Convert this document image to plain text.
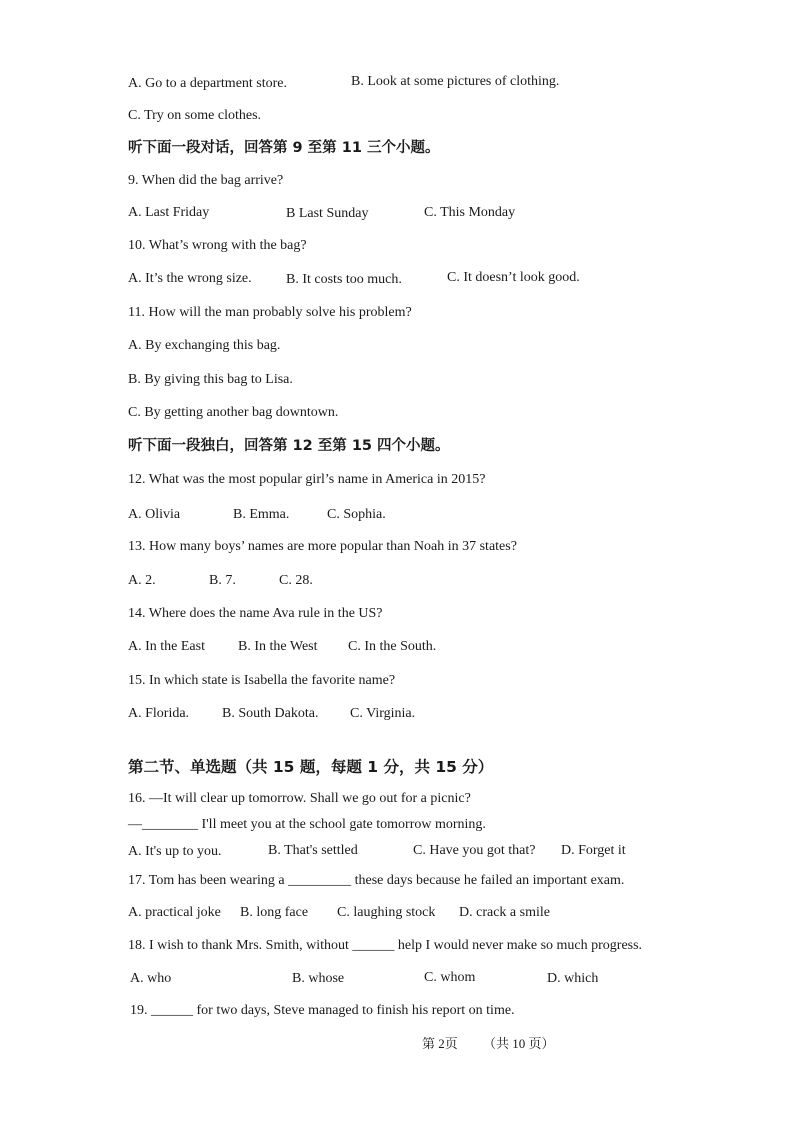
A. Go to a department store.	B. Look at some pictures of clothing.
C. Try on some clothes.
听下面一段对话，回答第 9 至第 11 三个小题。
9. When did the bag arrive?
A. Last Friday	B Last Sunday	C. This Monday
10. What’s wrong with the bag?
A. It’s the wrong size. B. It costs too much.	C. It doesn’t look good.
11. How will the man probably solve his problem?
A. By exchanging this bag.
B. By giving this bag to Lisa.
C. By getting another bag downtown.
听下面一段独白，回答第 12 至第 15 四个小题。
12. What was the most popular girl’s name in America in 2015?
A. Olivia	B. Emma.	C. Sophia.
13. How many boys’ names are more popular than Noah in 37 states?
A. 2.	B. 7.	C. 28.
14. Where does the name Ava rule in the US?
A. In the East B. In the West C. In the South.
15. In which state is Isabella the favorite name?
A. Florida. B. South Dakota. C. Virginia.
第二节、单选题（共 15 题，每题 1 分，共 15 分）
16. —It will clear up tomorrow. Shall we go out for a picnic?
—________ I'll meet you at the school gate tomorrow morning.
A. It's up to you.	B. That's settled	C. Have you got that? D. Forget it
17. Tom has been wearing a _________ these days because he failed an important exam.
A. practical joke B. long face C. laughing stock D. crack a smile
18. I wish to thank Mrs. Smith, without ______ help I would never make so much progress.
A. who	B. whose	C. whom	D. which
19. ______ for two days, Steve managed to finish his report on time.
第 2页 （共 10 页）
